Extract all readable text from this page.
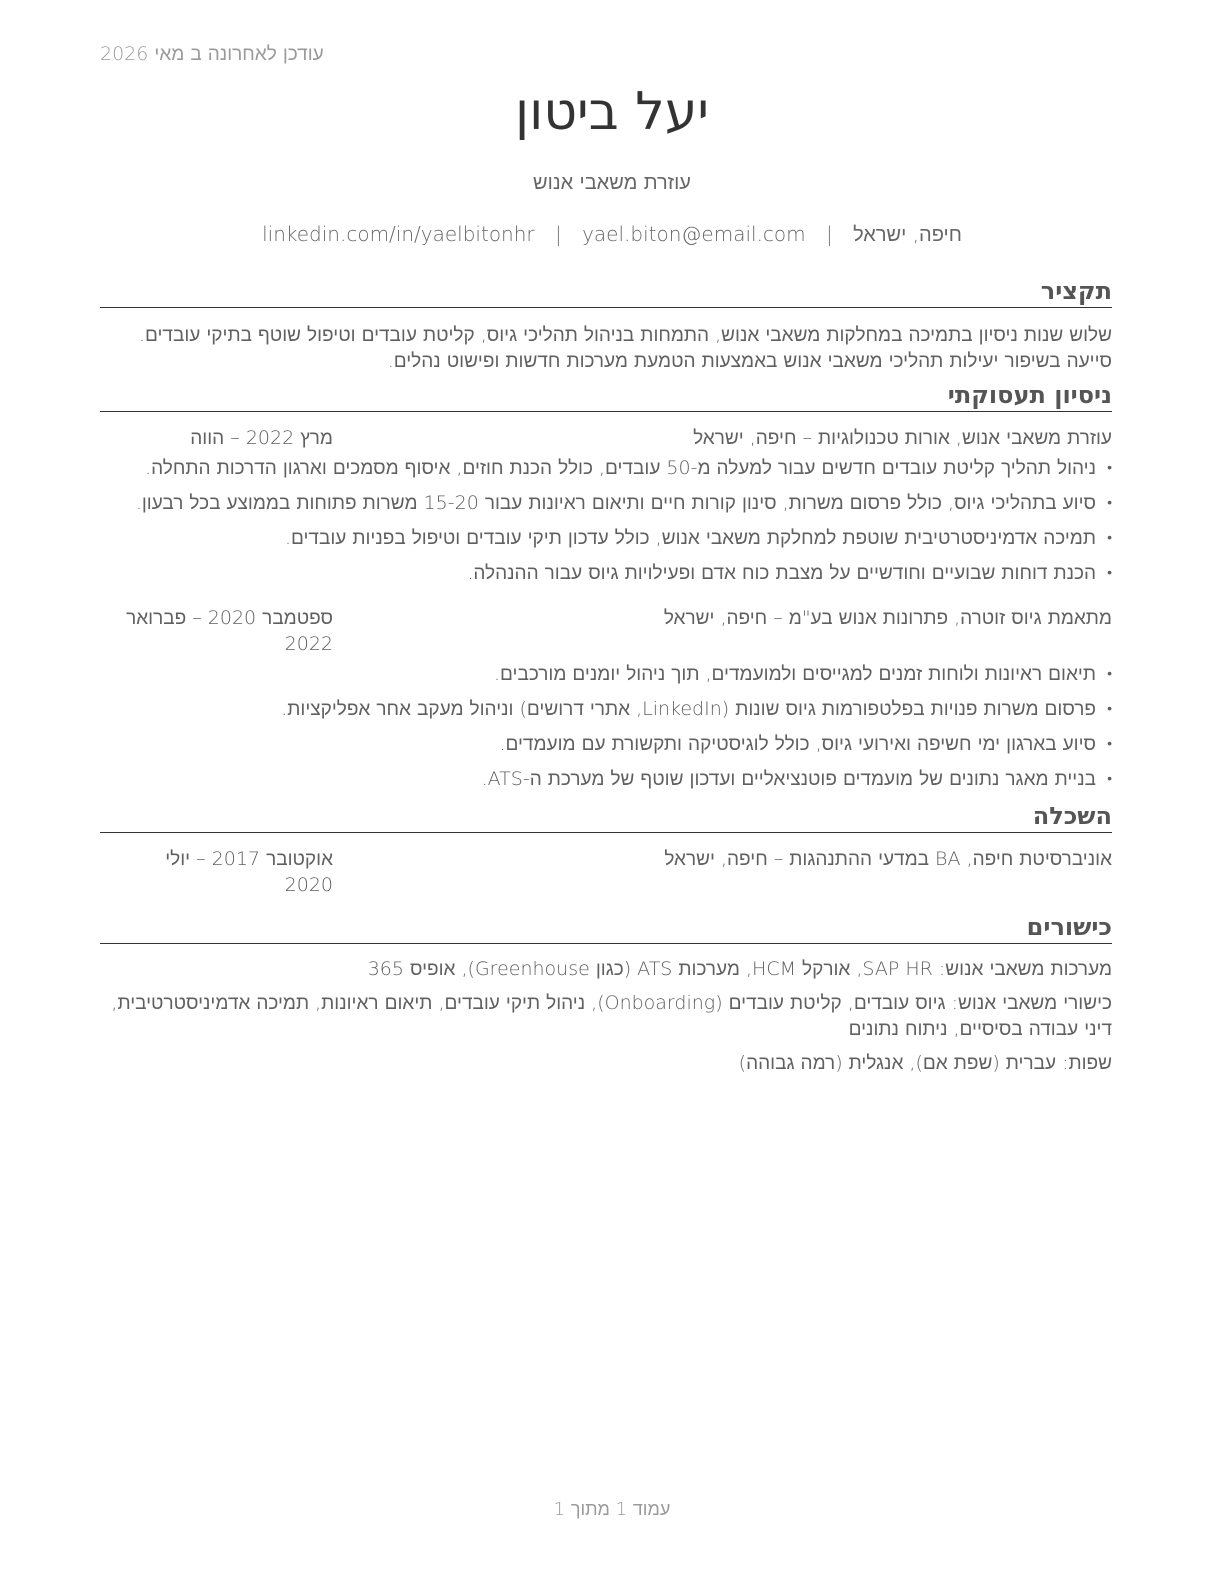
עודכן לאחרונה ב מאי 2026
יעל ביטון
עוזרת משאבי אנוש
חיפה, ישראל | yael.biton@email.com | linkedin.com/in/yaelbitonhr
תקציר

שלוש שנות ניסיון בתמיכה במחלקות משאבי אנוש, התמחות בניהול תהליכי גיוס, קליטת עובדים וטיפול שוטף בתיקי עובדים. סייעה בשיפור יעילות תהליכי משאבי אנוש באמצעות הטמעת מערכות חדשות ופישוט נהלים.

ניסיון תעסוקתי
עוזרת משאבי אנוש, אורות טכנולוגיות – חיפה, ישראל
מרץ 2022 – הווה
• ניהול תהליך קליטת עובדים חדשים עבור למעלה מ-50 עובדים, כולל הכנת חוזים, איסוף מסמכים וארגון הדרכות התחלה.
• סיוע בתהליכי גיוס, כולל פרסום משרות, סינון קורות חיים ותיאום ראיונות עבור 15-20 משרות פתוחות בממוצע בכל רבעון.
• תמיכה אדמיניסטרטיבית שוטפת למחלקת משאבי אנוש, כולל עדכון תיקי עובדים וטיפול בפניות עובדים.
• הכנת דוחות שבועיים וחודשיים על מצבת כוח אדם ופעילויות גיוס עבור ההנהלה.
מתאמת גיוס זוטרה, פתרונות אנוש בע"מ – חיפה, ישראל
ספטמבר 2020 – פברואר 2022
• תיאום ראיונות ולוחות זמנים למגייסים ולמועמדים, תוך ניהול יומנים מורכבים.
• פרסום משרות פנויות בפלטפורמות גיוס שונות (LinkedIn, אתרי דרושים) וניהול מעקב אחר אפליקציות.
• סיוע בארגון ימי חשיפה ואירועי גיוס, כולל לוגיסטיקה ותקשורת עם מועמדים.
• בניית מאגר נתונים של מועמדים פוטנציאליים ועדכון שוטף של מערכת ה-ATS.
השכלה
אוניברסיטת חיפה, BA במדעי ההתנהגות – חיפה, ישראל
אוקטובר 2017 – יולי 2020
כישורים

מערכות משאבי אנוש: SAP HR, אורקל HCM, מערכות ATS (כגון Greenhouse), אופיס 365

כישורי משאבי אנוש: גיוס עובדים, קליטת עובדים (Onboarding), ניהול תיקי עובדים, תיאום ראיונות, תמיכה אדמיניסטרטיבית, דיני עבודה בסיסיים, ניתוח נתונים

שפות: עברית (שפת אם), אנגלית (רמה גבוהה)

עמוד 1 מתוך 1
